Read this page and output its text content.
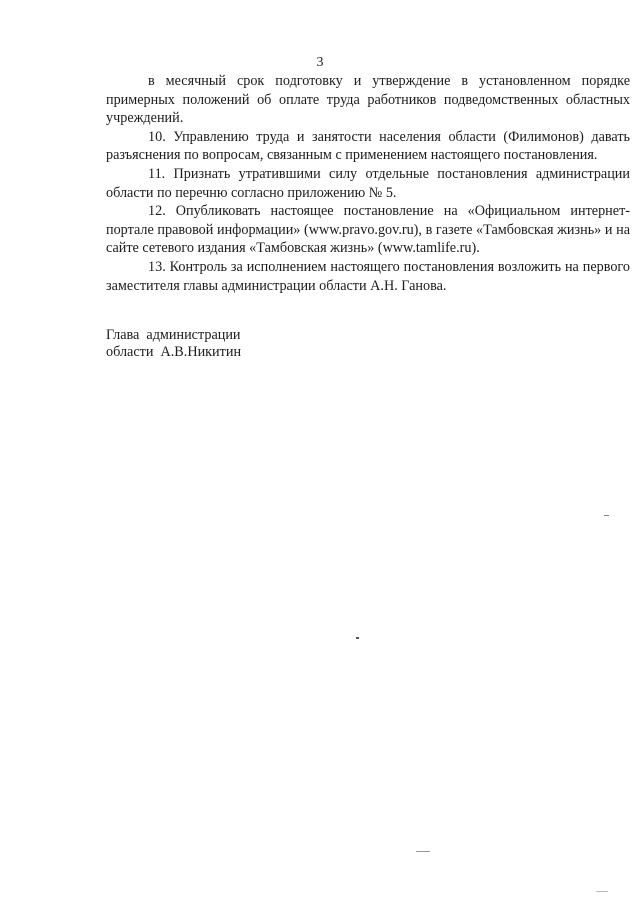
3

в месячный срок подготовку и утверждение в установленном порядке примерных положений об оплате труда работников подведомственных областных учреждений.

10. Управлению труда и занятости населения области (Филимонов) давать разъяснения по вопросам, связанным с применением настоящего постановления.

11. Признать утратившими силу отдельные постановления администрации области по перечню согласно приложению № 5.

12. Опубликовать настоящее постановление на «Официальном интернет-портале правовой информации» (www.pravo.gov.ru), в газете «Тамбовская жизнь» и на сайте сетевого издания «Тамбовская жизнь» (www.tamlife.ru).

13. Контроль за исполнением настоящего постановления возложить на первого заместителя главы администрации области А.Н. Ганова.

Глава  администрации
области  А.В.Никитин
